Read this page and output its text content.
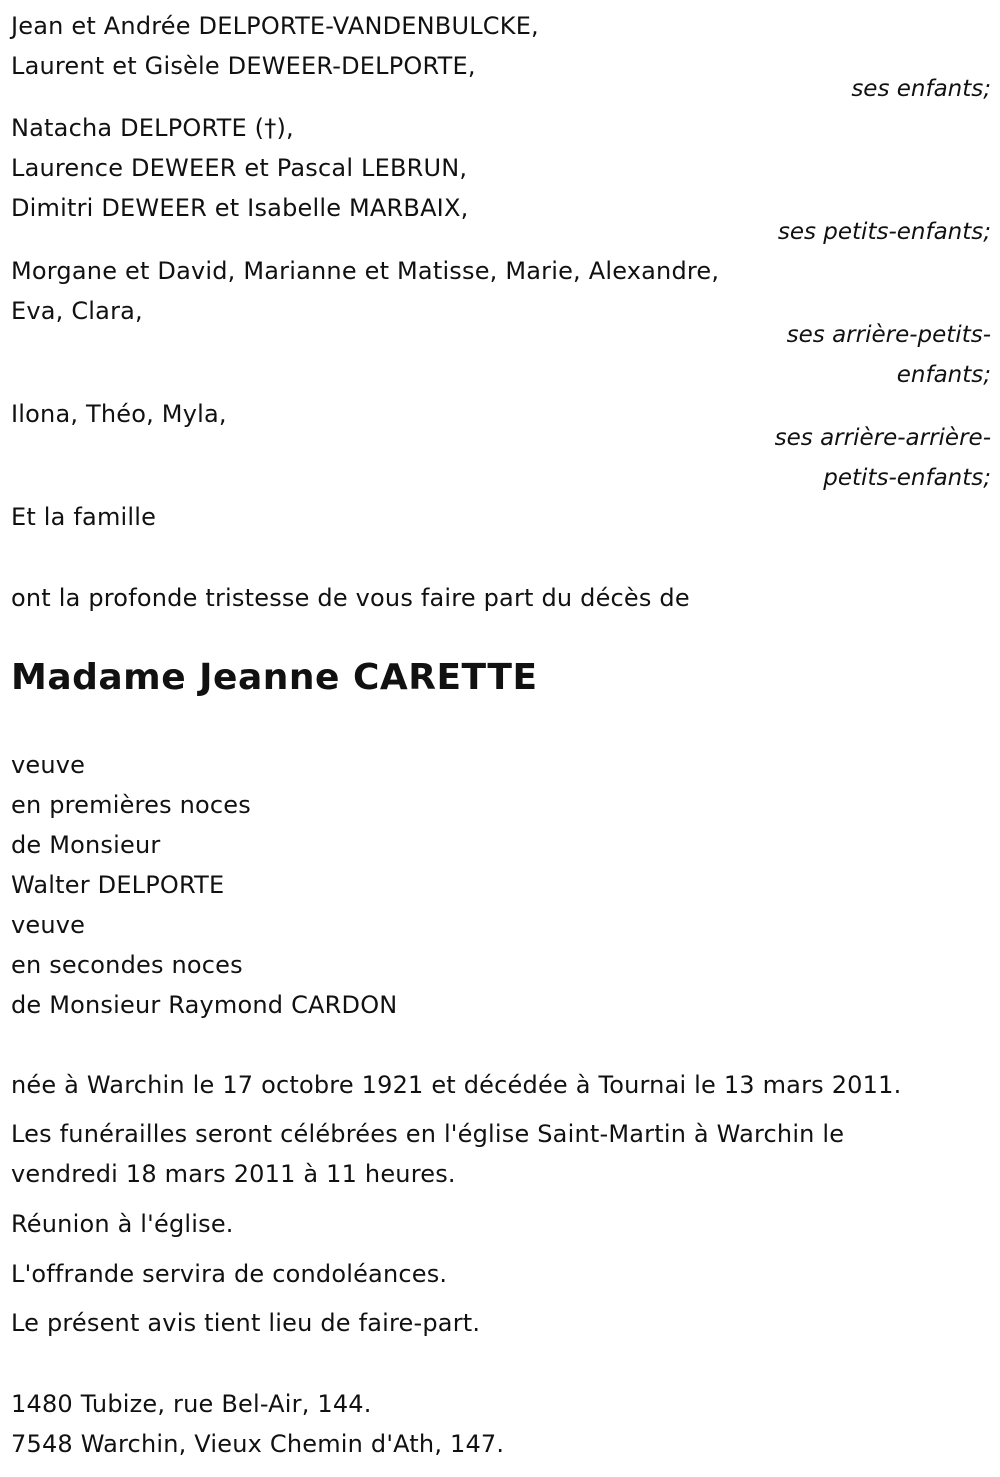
Jean et Andrée DELPORTE-VANDENBULCKE,
Laurent et Gisèle DEWEER-DELPORTE,
ses enfants;
Natacha DELPORTE (†),
Laurence DEWEER et Pascal LEBRUN,
Dimitri DEWEER et Isabelle MARBAIX,
ses petits-enfants;
Morgane et David, Marianne et Matisse, Marie, Alexandre,
Eva, Clara,
ses arrière-petits-
enfants;
Ilona, Théo, Myla,
ses arrière-arrière-
petits-enfants;
Et la famille
ont la profonde tristesse de vous faire part du décès de
Madame Jeanne CARETTE
veuve
en premières noces
de Monsieur
Walter DELPORTE
veuve
en secondes noces
de Monsieur Raymond CARDON
née à Warchin le 17 octobre 1921 et décédée à Tournai le 13 mars 2011.
Les funérailles seront célébrées en l'église Saint-Martin à Warchin le
vendredi 18 mars 2011 à 11 heures.
Réunion à l'église.
L'offrande servira de condoléances.
Le présent avis tient lieu de faire-part.
1480 Tubize, rue Bel-Air, 144.
7548 Warchin, Vieux Chemin d'Ath, 147.
